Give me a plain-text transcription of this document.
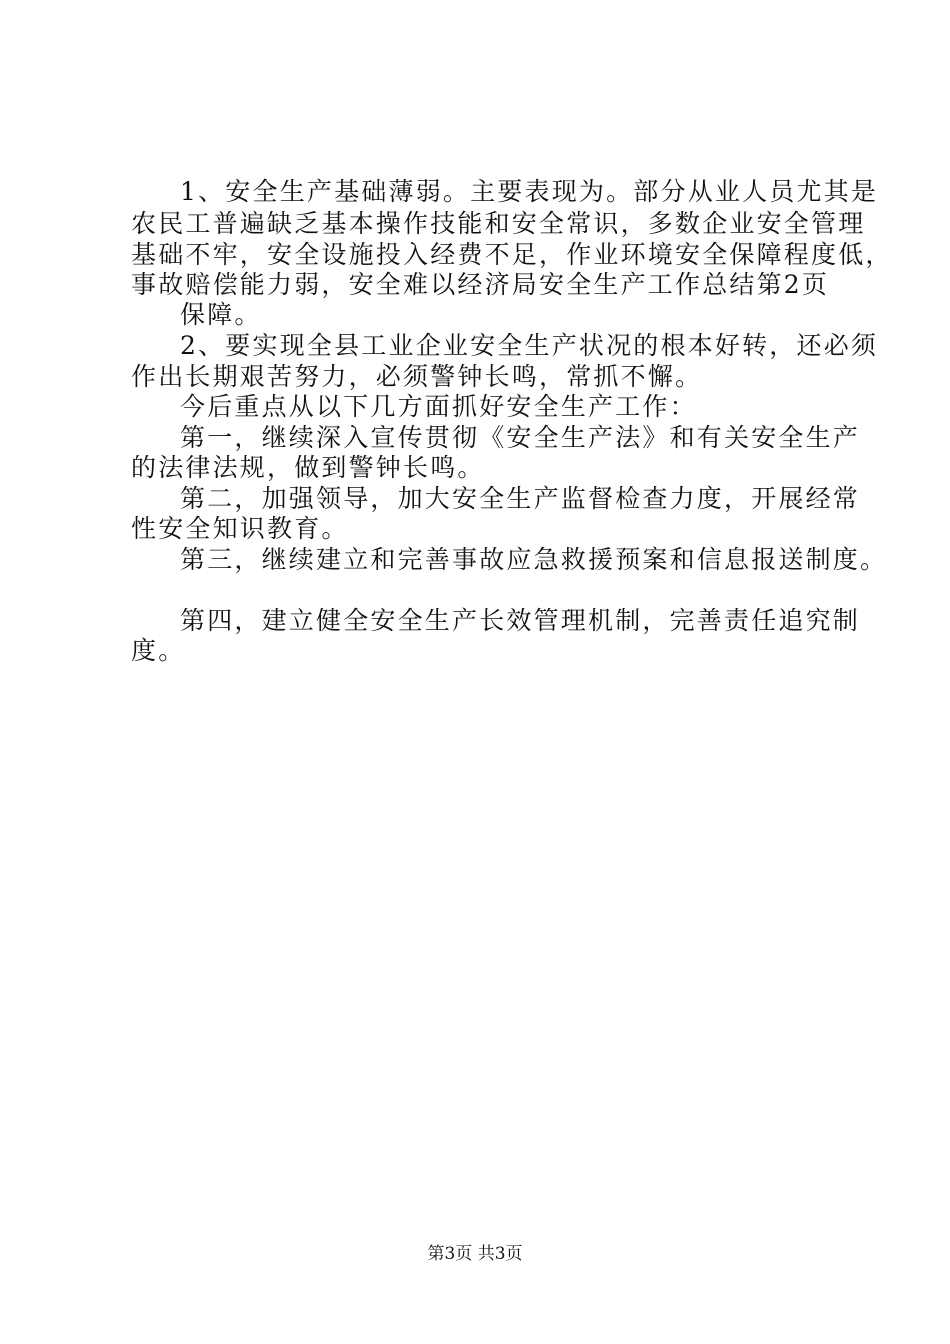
1、安全生产基础薄弱。主要表现为。部分从业人员尤其是
农民工普遍缺乏基本操作技能和安全常识，多数企业安全管理
基础不牢，安全设施投入经费不足，作业环境安全保障程度低，
事故赔偿能力弱，安全难以经济局安全生产工作总结第2页
保障。
2、要实现全县工业企业安全生产状况的根本好转，还必须
作出长期艰苦努力，必须警钟长鸣，常抓不懈。
今后重点从以下几方面抓好安全生产工作：
第一，继续深入宣传贯彻《安全生产法》和有关安全生产
的法律法规，做到警钟长鸣。
第二，加强领导，加大安全生产监督检查力度，开展经常
性安全知识教育。
第三，继续建立和完善事故应急救援预案和信息报送制度。
第四，建立健全安全生产长效管理机制，完善责任追究制
度。
第3页 共3页
